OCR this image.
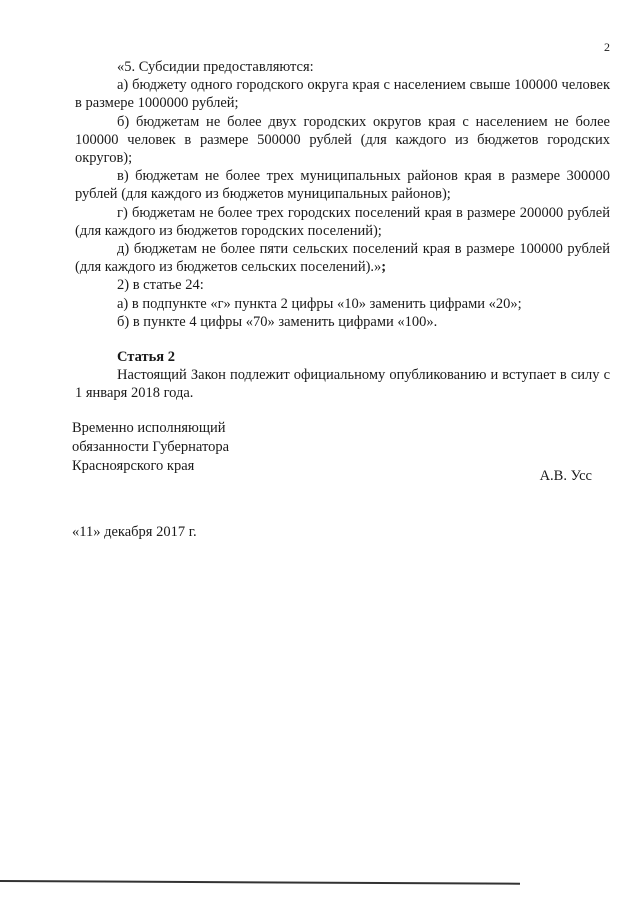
2

«5. Субсидии предоставляются:

а) бюджету одного городского округа края с населением свыше 100000 человек в размере 1000000 рублей;

б) бюджетам не более двух городских округов края с населением не более 100000 человек в размере 500000 рублей (для каждого из бюджетов городских округов);

в) бюджетам не более трех муниципальных районов края в размере 300000 рублей (для каждого из бюджетов муниципальных районов);

г) бюджетам не более трех городских поселений края в размере 200000 рублей (для каждого из бюджетов городских поселений);

д) бюджетам не более пяти сельских поселений края в размере 100000 рублей (для каждого из бюджетов сельских поселений).»;

2) в статье 24:

а) в подпункте «г» пункта 2 цифры «10» заменить цифрами «20»;

б) в пункте 4 цифры «70» заменить цифрами «100».

Статья 2

Настоящий Закон подлежит официальному опубликованию и вступает в силу с 1 января 2018 года.

Временно исполняющий
обязанности Губернатора
Красноярского края
А.В. Усс
«11» декабря 2017 г.
